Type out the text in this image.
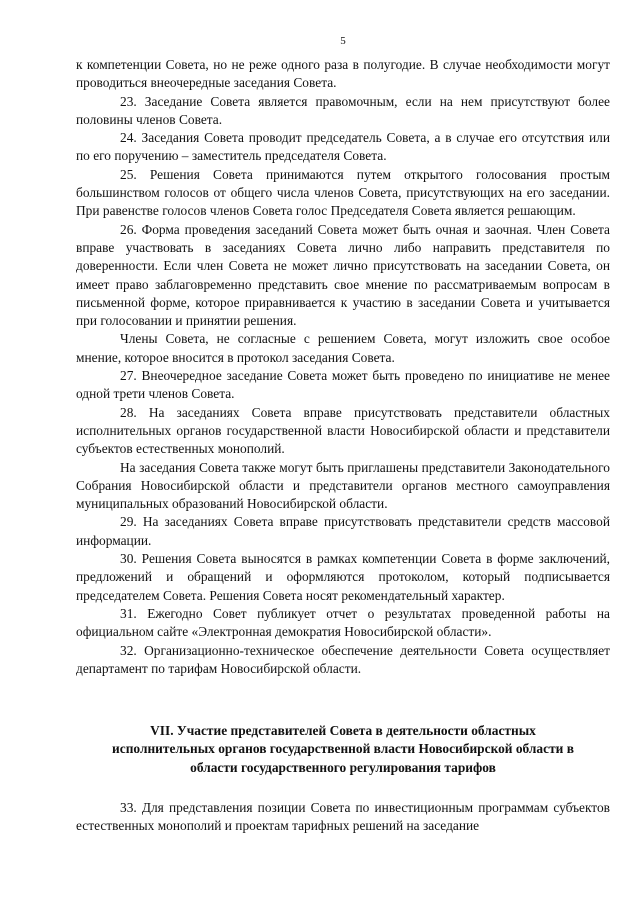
5

к компетенции Совета, но не реже одного раза в полугодие. В случае необходимости могут проводиться внеочередные заседания Совета.

23. Заседание Совета является правомочным, если на нем присутствуют более половины членов Совета.

24. Заседания Совета проводит председатель Совета, а в случае его отсутствия или по его поручению – заместитель председателя Совета.

25. Решения Совета принимаются путем открытого голосования простым большинством голосов от общего числа членов Совета, присутствующих на его заседании. При равенстве голосов членов Совета голос Председателя Совета является решающим.

26. Форма проведения заседаний Совета может быть очная и заочная. Член Совета вправе участвовать в заседаниях Совета лично либо направить представителя по доверенности. Если член Совета не может лично присутствовать на заседании Совета, он имеет право заблаговременно представить свое мнение по рассматриваемым вопросам в письменной форме, которое приравнивается к участию в заседании Совета и учитывается при голосовании и принятии решения.

Члены Совета, не согласные с решением Совета, могут изложить свое особое мнение, которое вносится в протокол заседания Совета.

27. Внеочередное заседание Совета может быть проведено по инициативе не менее одной трети членов Совета.

28. На заседаниях Совета вправе присутствовать представители областных исполнительных органов государственной власти Новосибирской области и представители субъектов естественных монополий.

На заседания Совета также могут быть приглашены представители Законодательного Собрания Новосибирской области и представители органов местного самоуправления муниципальных образований Новосибирской области.

29. На заседаниях Совета вправе присутствовать представители средств массовой информации.

30. Решения Совета выносятся в рамках компетенции Совета в форме заключений, предложений и обращений и оформляются протоколом, который подписывается председателем Совета. Решения Совета носят рекомендательный характер.

31. Ежегодно Совет публикует отчет о результатах проведенной работы на официальном сайте «Электронная демократия Новосибирской области».

32. Организационно-техническое обеспечение деятельности Совета осуществляет департамент по тарифам Новосибирской области.

VII. Участие представителей Совета в деятельности областных исполнительных органов государственной власти Новосибирской области в области государственного регулирования тарифов

33. Для представления позиции Совета по инвестиционным программам субъектов естественных монополий и проектам тарифных решений на заседание
